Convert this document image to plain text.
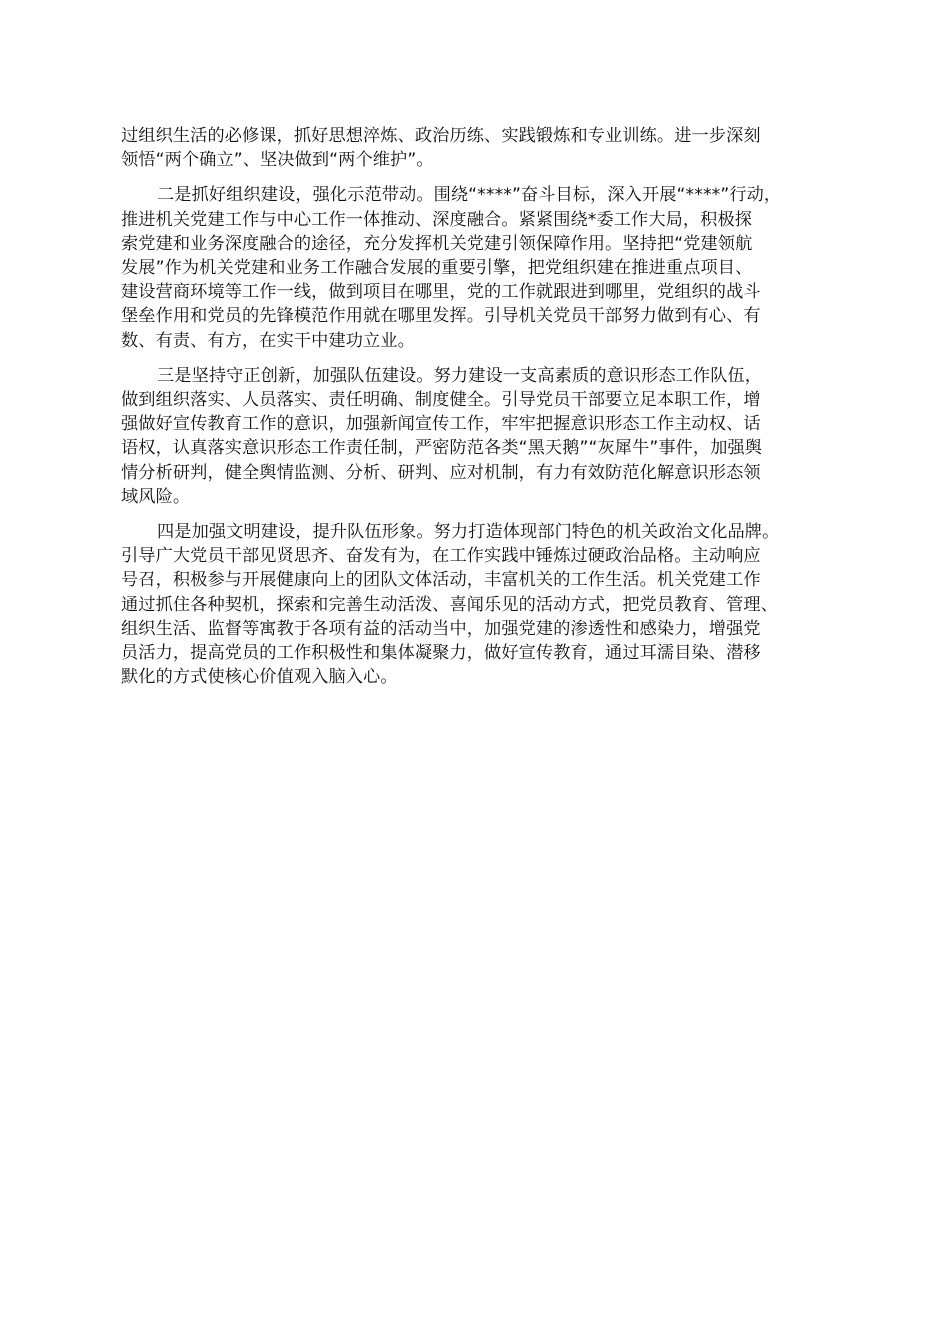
过组织生活的必修课，抓好思想淬炼、政治历练、实践锻炼和专业训练。进一步深刻
领悟“两个确立”、坚决做到“两个维护”。

二是抓好组织建设，强化示范带动。围绕“****”奋斗目标，深入开展“****”行动，
推进机关党建工作与中心工作一体推动、深度融合。紧紧围绕*委工作大局，积极探
索党建和业务深度融合的途径，充分发挥机关党建引领保障作用。坚持把“党建领航
发展”作为机关党建和业务工作融合发展的重要引擎，把党组织建在推进重点项目、
建设营商环境等工作一线，做到项目在哪里，党的工作就跟进到哪里，党组织的战斗
堡垒作用和党员的先锋模范作用就在哪里发挥。引导机关党员干部努力做到有心、有
数、有责、有方，在实干中建功立业。

三是坚持守正创新，加强队伍建设。努力建设一支高素质的意识形态工作队伍，
做到组织落实、人员落实、责任明确、制度健全。引导党员干部要立足本职工作，增
强做好宣传教育工作的意识，加强新闻宣传工作，牢牢把握意识形态工作主动权、话
语权，认真落实意识形态工作责任制，严密防范各类“黑天鹅”“灰犀牛”事件，加强舆
情分析研判，健全舆情监测、分析、研判、应对机制，有力有效防范化解意识形态领
域风险。

四是加强文明建设，提升队伍形象。努力打造体现部门特色的机关政治文化品牌。
引导广大党员干部见贤思齐、奋发有为，在工作实践中锤炼过硬政治品格。主动响应
号召，积极参与开展健康向上的团队文体活动，丰富机关的工作生活。机关党建工作
通过抓住各种契机，探索和完善生动活泼、喜闻乐见的活动方式，把党员教育、管理、
组织生活、监督等寓教于各项有益的活动当中，加强党建的渗透性和感染力，增强党
员活力，提高党员的工作积极性和集体凝聚力，做好宣传教育，通过耳濡目染、潜移
默化的方式使核心价值观入脑入心。
